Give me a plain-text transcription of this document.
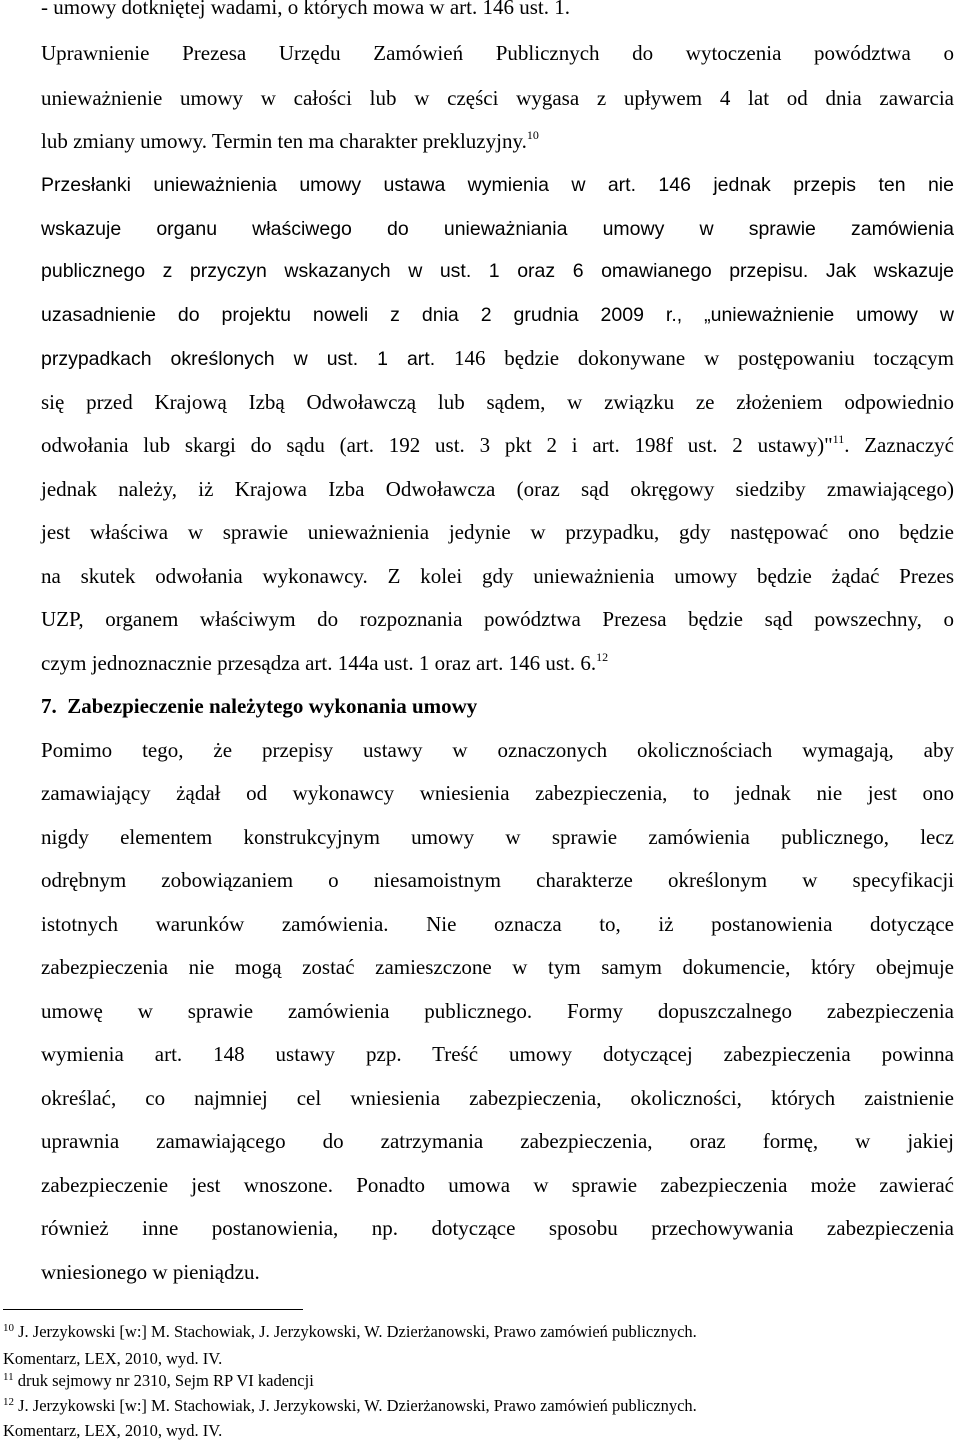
- umowy dotkniętej wadami, o których mowa w art. 146 ust. 1.
Uprawnienie Prezesa Urzędu Zamówień Publicznych do wytoczenia powództwa o
unieważnienie umowy w całości lub w części wygasa z upływem 4 lat od dnia zawarcia
lub zmiany umowy. Termin ten ma charakter prekluzyjny.$^{10}$
Przesłanki unieważnienia umowy ustawa wymienia w art. 146 jednak przepis ten nie
wskazuje organu właściwego do unieważniania umowy w sprawie zamówienia
publicznego z przyczyn wskazanych w ust. 1 oraz 6 omawianego przepisu. Jak wskazuje
uzasadnienie do projektu noweli z dnia 2 grudnia 2009 r., „unieważnienie umowy w
przypadkach określonych w ust. 1 art. 146 będzie dokonywane w postępowaniu toczącym
się przed Krajową Izbą Odwoławczą lub sądem, w związku ze złożeniem odpowiednio
odwołania lub skargi do sądu (art. 192 ust. 3 pkt 2 i art. 198f ust. 2 ustawy)"$^{11}$. Zaznaczyć
jednak należy, iż Krajowa Izba Odwoławcza (oraz sąd okręgowy siedziby zmawiającego)
jest właściwa w sprawie unieważnienia jedynie w przypadku, gdy następować ono będzie
na skutek odwołania wykonawcy. Z kolei gdy unieważnienia umowy będzie żądać Prezes
UZP, organem właściwym do rozpoznania powództwa Prezesa będzie sąd powszechny, o
czym jednoznacznie przesądza art. 144a ust. 1 oraz art. 146 ust. 6.12
7.  Zabezpieczenie należytego wykonania umowy
Pomimo tego, że przepisy ustawy w oznaczonych okolicznościach wymagają, aby
zamawiający żądał od wykonawcy wniesienia zabezpieczenia, to jednak nie jest ono
nigdy elementem konstrukcyjnym umowy w sprawie zamówienia publicznego, lecz
odrębnym zobowiązaniem o niesamoistnym charakterze określonym w specyfikacji
istotnych warunków zamówienia. Nie oznacza to, iż postanowienia dotyczące
zabezpieczenia nie mogą zostać zamieszczone w tym samym dokumencie, który obejmuje
umowę w sprawie zamówienia publicznego. Formy dopuszczalnego zabezpieczenia
wymienia art. 148 ustawy pzp. Treść umowy dotyczącej zabezpieczenia powinna
określać, co najmniej cel wniesienia zabezpieczenia, okoliczności, których zaistnienie
uprawnia zamawiającego do zatrzymania zabezpieczenia, oraz formę, w jakiej
zabezpieczenie jest wnoszone. Ponadto umowa w sprawie zabezpieczenia może zawierać
również inne postanowienia, np. dotyczące sposobu przechowywania zabezpieczenia
wniesionego w pieniądzu.
$^{10}$ J. Jerzykowski [w:] M. Stachowiak, J. Jerzykowski, W. Dzierżanowski, Prawo zamówień publicznych.
Komentarz, LEX, 2010, wyd. IV.
$^{11}$ druk sejmowy nr 2310, Sejm RP VI kadencji
$^{12}$ J. Jerzykowski [w:] M. Stachowiak, J. Jerzykowski, W. Dzierżanowski, Prawo zamówień publicznych.
Komentarz, LEX, 2010, wyd. IV.
